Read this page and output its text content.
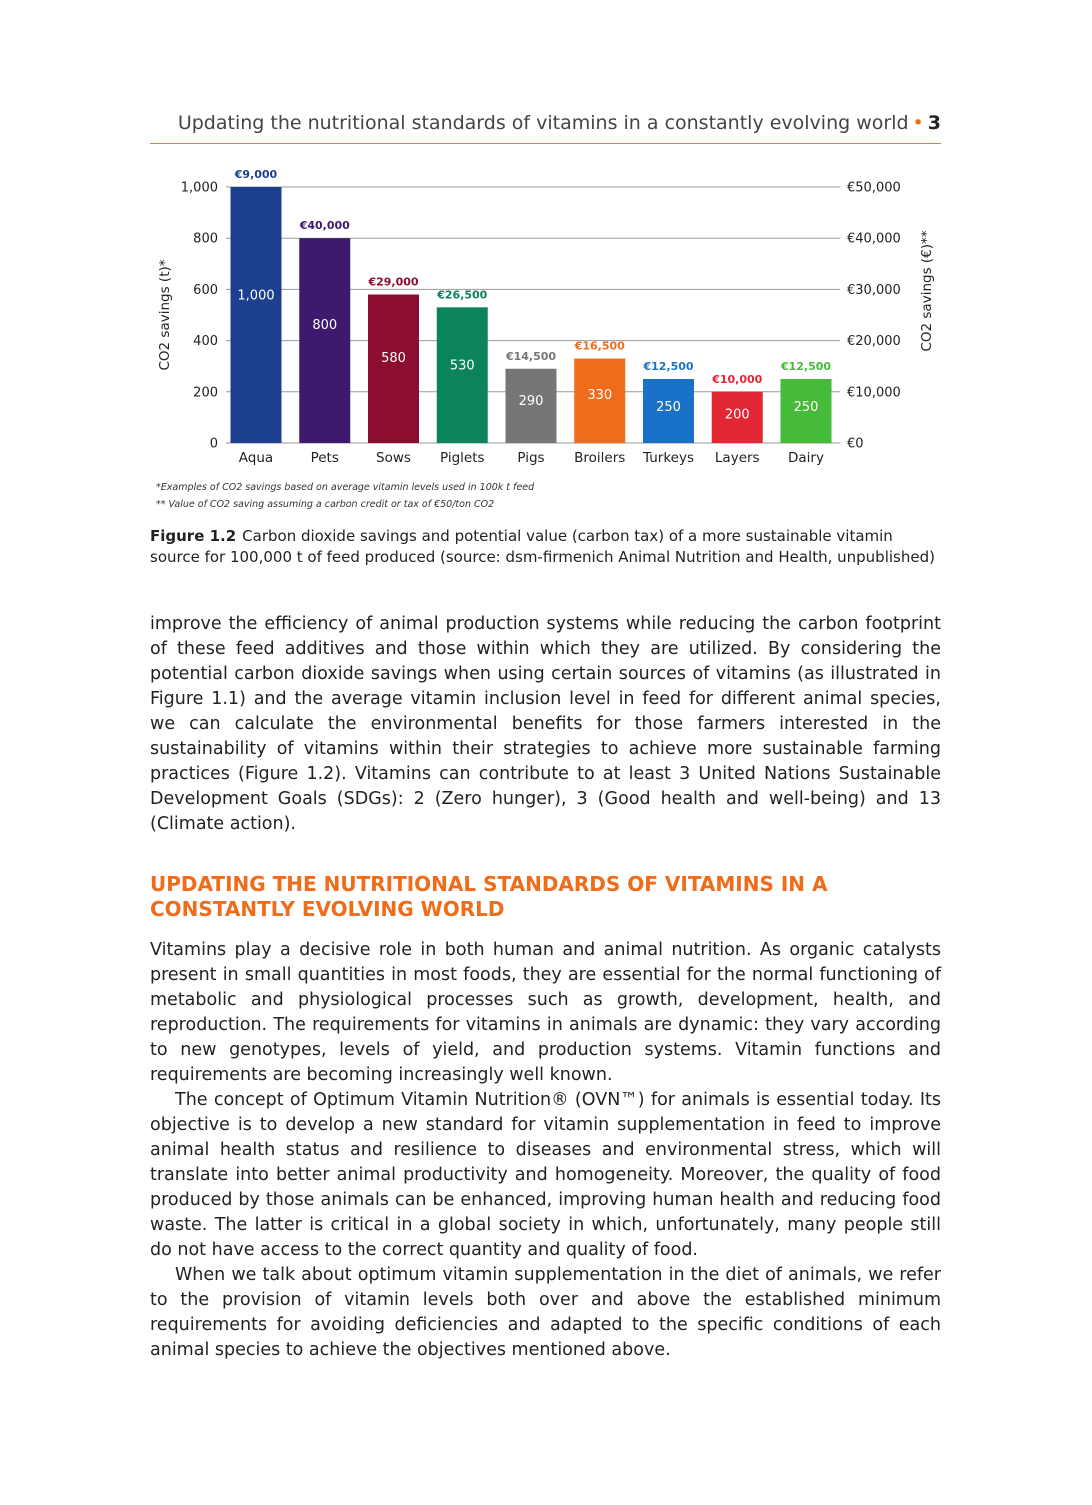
Updating the nutritional standards of vitamins in a constantly evolving world • 3
0	€0
200	€10,000
400	€20,000
600	€30,000
800	€40,000
1,000	€50,000
CO2 savings (t)*	CO2 savings (€)**
1,000
€9,000
Aqua
800
€40,000
Pets
580
€29,000
Sows
530
€26,500
Piglets
290
€14,500
Pigs
330
€16,500
Broilers
250
€12,500
Turkeys
200
€10,000
Layers
250
€12,500
Dairy
*Examples of CO2 savings based on average vitamin levels used in 100k t feed
** Value of CO2 saving assuming a carbon credit or tax of €50/ton CO2
Figure 1.2 Carbon dioxide savings and potential value (carbon tax) of a more sustainable vitamin source for 100,000 t of feed produced (source: dsm-firmenich Animal Nutrition and Health, unpublished)

improve the efficiency of animal production systems while reducing the carbon footprint of these feed additives and those within which they are utilized. By considering the potential carbon dioxide savings when using certain sources of vitamins (as illustrated in Figure 1.1) and the average vitamin inclusion level in feed for different animal species, we can calculate the environmental benefits for those farmers interested in the sustainability of vitamins within their strategies to achieve more sustainable farming practices (Figure 1.2). Vitamins can contribute to at least 3 United Nations Sustainable Development Goals (SDGs): 2 (Zero hunger), 3 (Good health and well-being) and 13 (Climate action).

UPDATING THE NUTRITIONAL STANDARDS OF VITAMINS IN A CONSTANTLY EVOLVING WORLD

Vitamins play a decisive role in both human and animal nutrition. As organic catalysts present in small quantities in most foods, they are essential for the normal functioning of metabolic and physiological processes such as growth, development, health, and reproduction. The requirements for vitamins in animals are dynamic: they vary according to new genotypes, levels of yield, and production systems. Vitamin functions and requirements are becoming increasingly well known.

The concept of Optimum Vitamin Nutrition® (OVN™) for animals is essential today. Its objective is to develop a new standard for vitamin supplementation in feed to improve animal health status and resilience to diseases and environmental stress, which will translate into better animal productivity and homogeneity. Moreover, the quality of food produced by those animals can be enhanced, improving human health and reducing food waste. The latter is critical in a global society in which, unfortunately, many people still do not have access to the correct quantity and quality of food.

When we talk about optimum vitamin supplementation in the diet of animals, we refer to the provision of vitamin levels both over and above the established minimum requirements for avoiding deficiencies and adapted to the specific conditions of each animal species to achieve the objectives mentioned above.
